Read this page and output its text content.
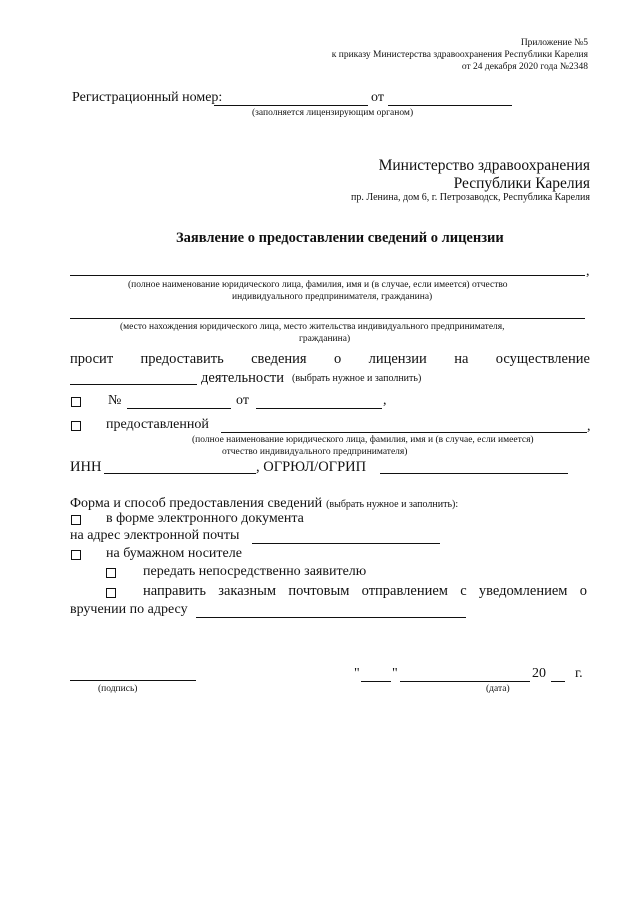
Приложение №5
к приказу Министерства здравоохранения Республики Карелия
от 24 декабря 2020 года №2348
Регистрационный номер:	от
(заполняется лицензирующим органом)
Министерство здравоохранения
Республики Карелия
пр. Ленина, дом 6, г. Петрозаводск, Республика Карелия
Заявление о предоставлении сведений о лицензии
,
(полное наименование юридического лица, фамилия, имя и (в случае, если имеется) отчество
индивидуального предпринимателя, гражданина)
(место нахождения юридического лица, место жительства индивидуального предпринимателя,
гражданина)
просит предоставить сведения о лицензии на осуществление
деятельности (выбрать нужное и заполнить)
№	от	,
предоставленной	,
(полное наименование юридического лица, фамилия, имя и (в случае, если имеется)
отчество индивидуального предпринимателя)
ИНН	, ОГРЮЛ/ОГРИП
Форма и способ предоставления сведений (выбрать нужное и заполнить):
в форме электронного документа
на адрес электронной почты
на бумажном носителе
передать непосредственно заявителю
направить заказным почтовым отправлением с уведомлением о
вручении по адресу
(подпись)
" "	20 г.
(дата)
